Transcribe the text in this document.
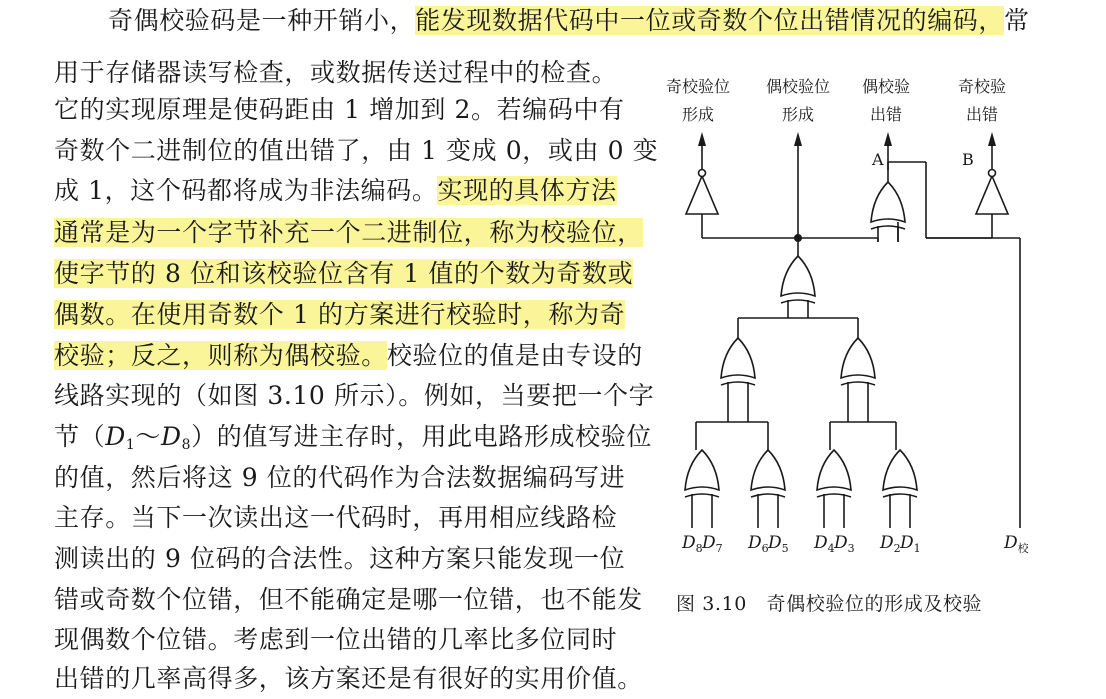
奇偶校验码是一种开销小，能发现数据代码中一位或奇数个位出错情况的编码，常
用于存储器读写检查，或数据传送过程中的检查。
它的实现原理是使码距由 1 增加到 2。若编码中有
奇数个二进制位的值出错了，由 1 变成 0，或由 0 变
成 1，这个码都将成为非法编码。实现的具体方法
通常是为一个字节补充一个二进制位，称为校验位，
使字节的 8 位和该校验位含有 1 值的个数为奇数或
偶数。在使用奇数个 1 的方案进行校验时，称为奇
校验；反之，则称为偶校验。校验位的值是由专设的
线路实现的（如图 3.10 所示）。例如，当要把一个字
节$(D_1\sim D_8)$的值写进主存时，用此电路形成校验位
的值，然后将这 9 位的代码作为合法数据编码写进
主存。当下一次读出这一代码时，再用相应线路检
测读出的 9 位码的合法性。这种方案只能发现一位
错或奇数个位错，但不能确定是哪一位错，也不能发
现偶数个位错。考虑到一位出错的几率比多位同时
出错的几率高得多，该方案还是有很好的实用价值。
奇校验位
形成
偶校验位
形成
偶校验
出错
奇校验
出错
A	B
$D_8$ $D_7$ $D_6$ $D_5$ $D_4$ $D_3$ $D_2$ $D_1$	$D_校$
图 3.10　奇偶校验位的形成及校验
